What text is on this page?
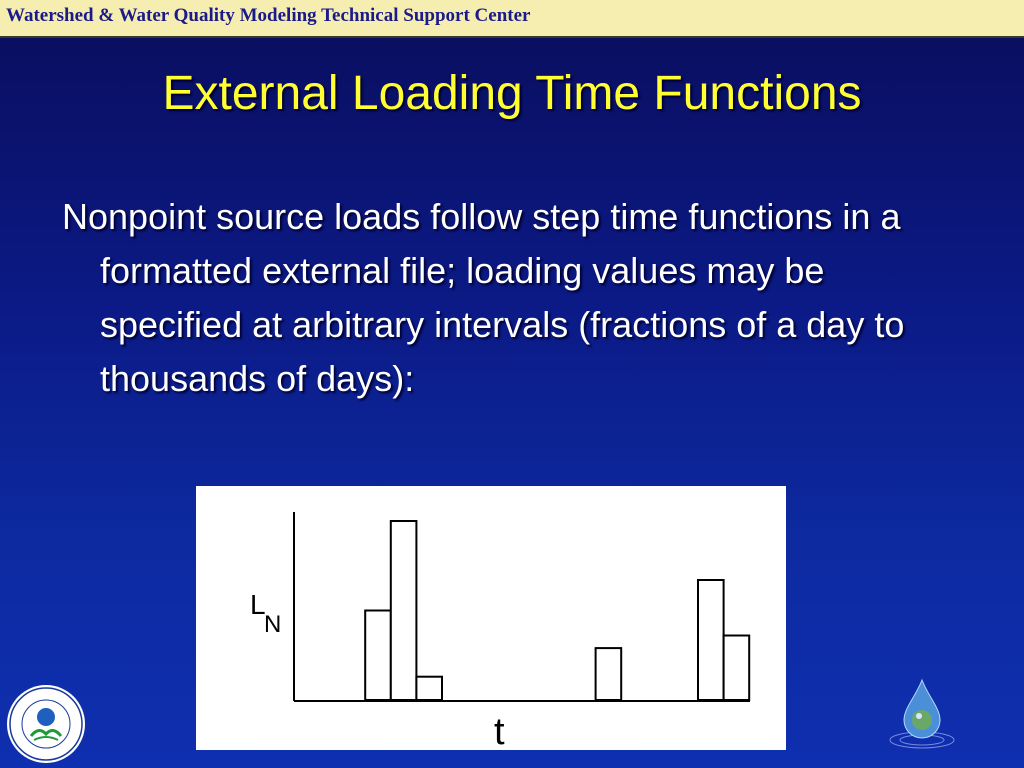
Watershed & Water Quality Modeling Technical Support Center
External Loading Time Functions
Nonpoint source loads follow step time functions in a formatted external file; loading values may be specified at arbitrary intervals (fractions of a day to thousands of days):
L
N
t
